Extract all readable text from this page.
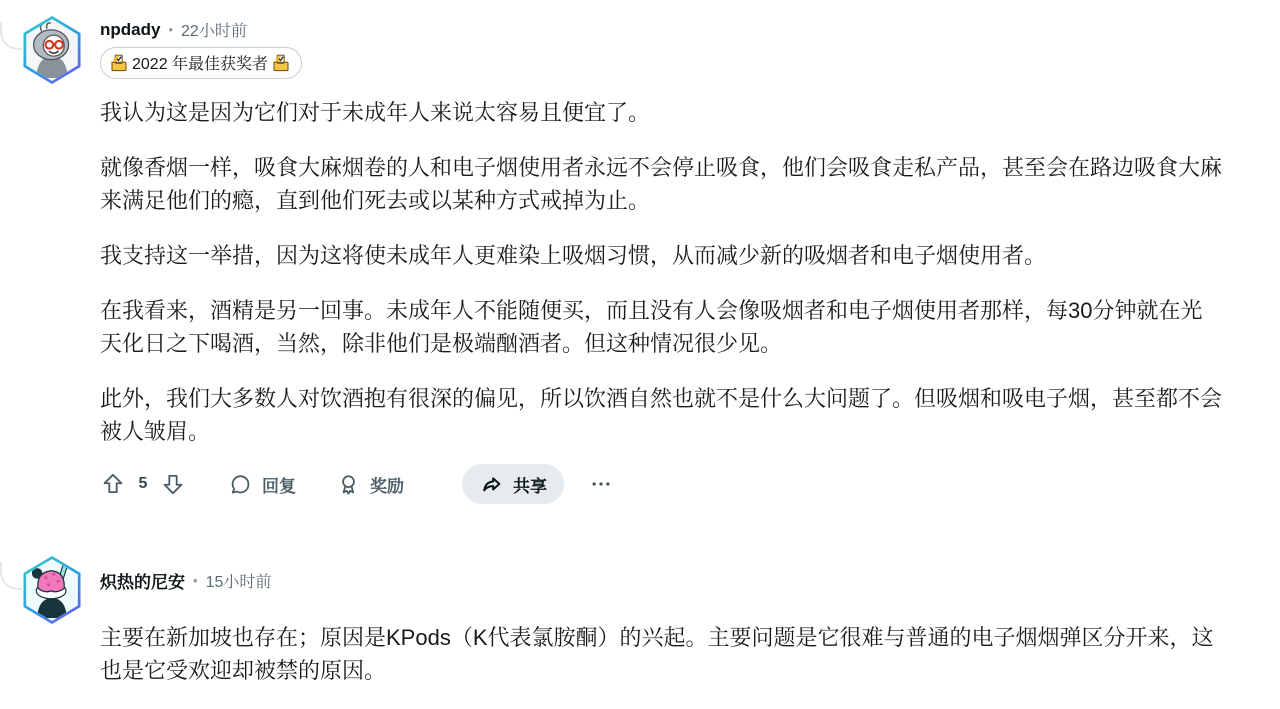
npdady • 22小时前
2022 年最佳获奖者

我认为这是因为它们对于未成年人来说太容易且便宜了。

就像香烟一样，吸食大麻烟卷的人和电子烟使用者永远不会停止吸食，他们会吸食走私产品，甚至会在路边吸食大麻来满足他们的瘾，直到他们死去或以某种方式戒掉为止。

我支持这一举措，因为这将使未成年人更难染上吸烟习惯，从而减少新的吸烟者和电子烟使用者。

在我看来，酒精是另一回事。未成年人不能随便买，而且没有人会像吸烟者和电子烟使用者那样，每30分钟就在光天化日之下喝酒，当然，除非他们是极端酗酒者。但这种情况很少见。

此外，我们大多数人对饮酒抱有很深的偏见，所以饮酒自然也就不是什么大问题了。但吸烟和吸电子烟，甚至都不会被人皱眉。

5	回复	奖励	共享
炽热的尼安 • 15小时前

主要在新加坡也存在；原因是KPods（K代表氯胺酮）的兴起。主要问题是它很难与普通的电子烟烟弹区分开来，这也是它受欢迎却被禁的原因。
